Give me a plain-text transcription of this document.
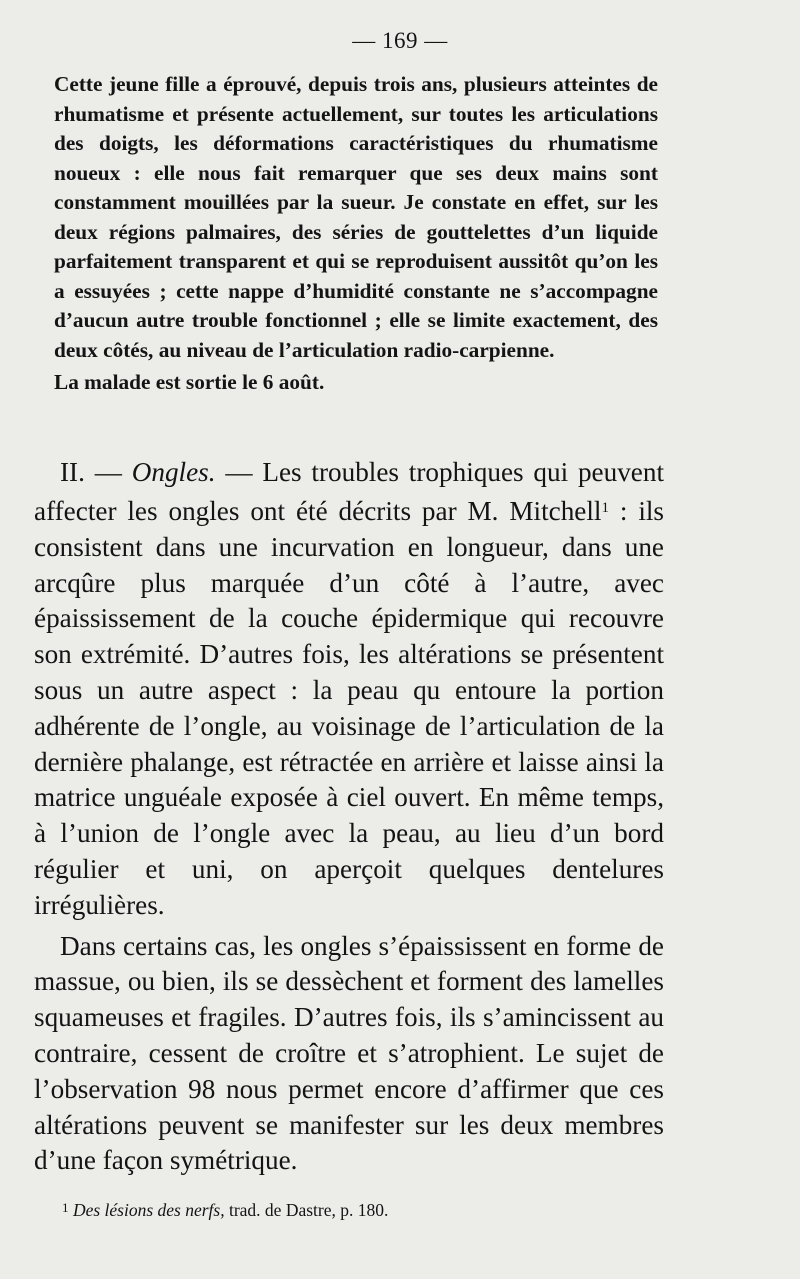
— 169 —

Cette jeune fille a éprouvé, depuis trois ans, plusieurs atteintes de rhumatisme et présente actuellement, sur toutes les articulations des doigts, les déformations caractéristiques du rhumatisme noueux : elle nous fait remarquer que ses deux mains sont constamment mouillées par la sueur. Je constate en effet, sur les deux régions palmaires, des séries de gouttelettes d’un liquide parfaitement transparent et qui se reproduisent aussitôt qu’on les a essuyées ; cette nappe d’humidité constante ne s’accompagne d’aucun autre trouble fonctionnel ; elle se limite exactement, des deux côtés, au niveau de l’articulation radio-carpienne.

La malade est sortie le 6 août.

II. — Ongles. — Les troubles trophiques qui peuvent affecter les ongles ont été décrits par M. Mitchell$^1$ : ils consistent dans une incurvation en longueur, dans une arcqûre plus marquée d’un côté à l’autre, avec épaississement de la couche épidermique qui recouvre son extrémité. D’autres fois, les altérations se présentent sous un autre aspect : la peau qu entoure la portion adhérente de l’ongle, au voisinage de l’articulation de la dernière phalange, est rétractée en arrière et laisse ainsi la matrice unguéale exposée à ciel ouvert. En même temps, à l’union de l’ongle avec la peau, au lieu d’un bord régulier et uni, on aperçoit quelques dentelures irrégulières.

Dans certains cas, les ongles s’épaississent en forme de massue, ou bien, ils se dessèchent et forment des lamelles squameuses et fragiles. D’autres fois, ils s’amincissent au contraire, cessent de croître et s’atrophient. Le sujet de l’observation 98 nous permet encore d’affirmer que ces altérations peuvent se manifester sur les deux membres d’une façon symétrique.

$^1$ Des lésions des nerfs, trad. de Dastre, p. 180.
